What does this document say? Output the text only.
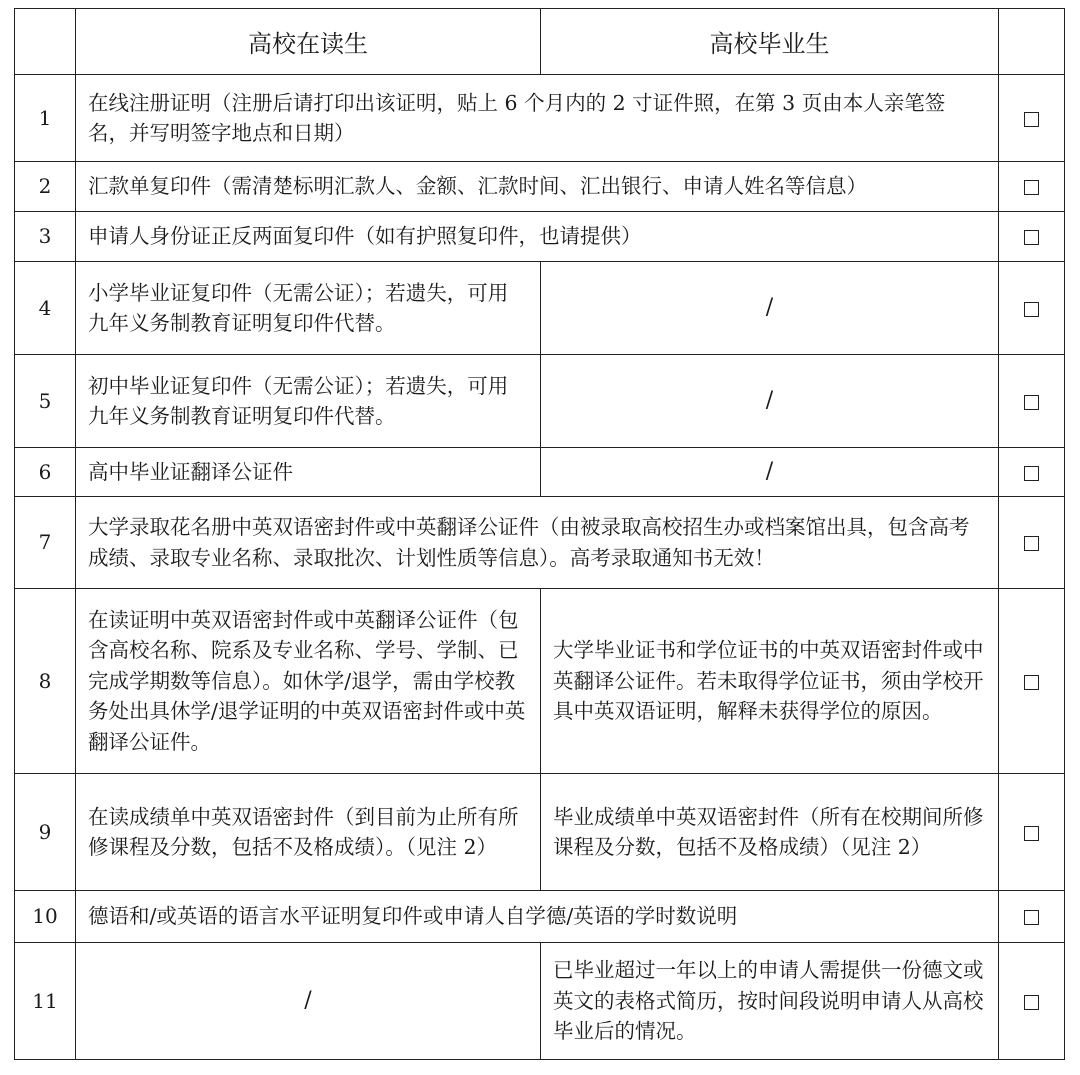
	高校在读生	高校毕业生	
1	在线注册证明（注册后请打印出该证明，贴上 6 个月内的 2 寸证件照，在第 3 页由本人亲笔签名，并写明签字地点和日期）		
2	汇款单复印件（需清楚标明汇款人、金额、汇款时间、汇出银行、申请人姓名等信息）		
3	申请人身份证正反两面复印件（如有护照复印件，也请提供）		
4	小学毕业证复印件（无需公证）；若遗失，可用九年义务制教育证明复印件代替。	/	
5	初中毕业证复印件（无需公证）；若遗失，可用九年义务制教育证明复印件代替。	/	
6	高中毕业证翻译公证件	/	
7	大学录取花名册中英双语密封件或中英翻译公证件（由被录取高校招生办或档案馆出具，包含高考成绩、录取专业名称、录取批次、计划性质等信息）。高考录取通知书无效！		
8	在读证明中英双语密封件或中英翻译公证件（包含高校名称、院系及专业名称、学号、学制、已完成学期数等信息）。如休学/退学，需由学校教务处出具休学/退学证明的中英双语密封件或中英翻译公证件。	大学毕业证书和学位证书的中英双语密封件或中英翻译公证件。若未取得学位证书，须由学校开具中英双语证明，解释未获得学位的原因。	
9	在读成绩单中英双语密封件（到目前为止所有所修课程及分数，包括不及格成绩）。（见注 2）	毕业成绩单中英双语密封件（所有在校期间所修课程及分数，包括不及格成绩）（见注 2）	
10	德语和/或英语的语言水平证明复印件或申请人自学德/英语的学时数说明		
11	/	已毕业超过一年以上的申请人需提供一份德文或英文的表格式简历，按时间段说明申请人从高校毕业后的情况。	
